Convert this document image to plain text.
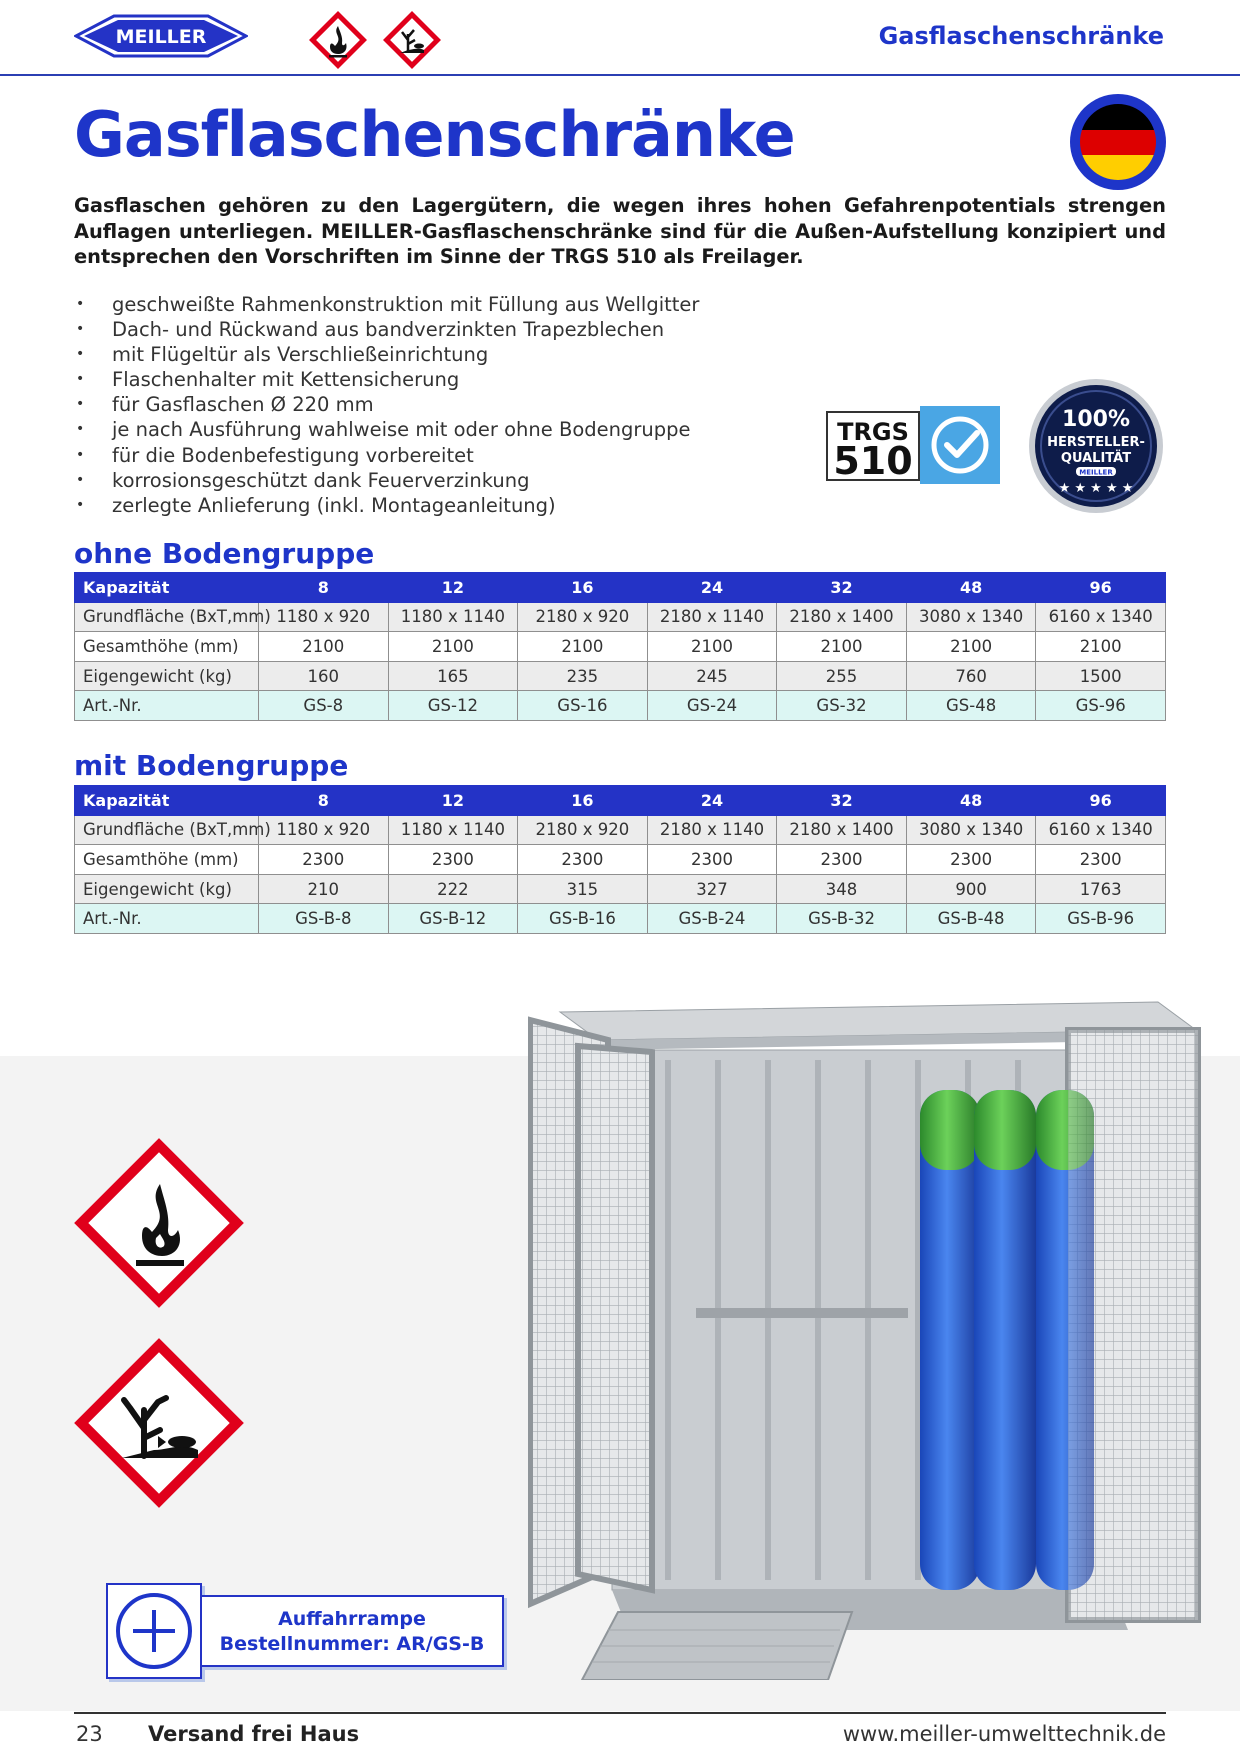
MEILLER	Gasflaschenschränke
Gasflaschenschränke

Gasflaschen gehören zu den Lagergütern, die wegen ihres hohen Gefahrenpotentials strengen Auflagen unterliegen. MEILLER-Gasflaschenschränke sind für die Außen-Aufstellung konzipiert und entsprechen den Vorschriften im Sinne der TRGS 510 als Freilager.

• geschweißte Rahmenkonstruktion mit Füllung aus Wellgitter
• Dach- und Rückwand aus bandverzinkten Trapezblechen
• mit Flügeltür als Verschließeinrichtung
• Flaschenhalter mit Kettensicherung
• für Gasflaschen Ø 220 mm
• je nach Ausführung wahlweise mit oder ohne Bodengruppe
• für die Bodenbefestigung vorbereitet
• korrosionsgeschützt dank Feuerverzinkung
• zerlegte Anlieferung (inkl. Montageanleitung)
TRGS
510
100%
HERSTELLER-
QUALITÄT
MEILLER
★ ★ ★ ★ ★
ohne Bodengruppe
Kapazität	8	12	16	24	32	48	96
Grundfläche (BxT,mm)	1180 x 920	1180 x 1140	2180 x 920	2180 x 1140	2180 x 1400	3080 x 1340	6160 x 1340
Gesamthöhe (mm)	2100	2100	2100	2100	2100	2100	2100
Eigengewicht (kg)	160	165	235	245	255	760	1500
Art.-Nr.	GS-8	GS-12	GS-16	GS-24	GS-32	GS-48	GS-96
mit Bodengruppe
Kapazität	8	12	16	24	32	48	96
Grundfläche (BxT,mm)	1180 x 920	1180 x 1140	2180 x 920	2180 x 1140	2180 x 1400	3080 x 1340	6160 x 1340
Gesamthöhe (mm)	2300	2300	2300	2300	2300	2300	2300
Eigengewicht (kg)	210	222	315	327	348	900	1763
Art.-Nr.	GS-B-8	GS-B-12	GS-B-16	GS-B-24	GS-B-32	GS-B-48	GS-B-96
Auffahrrampe
Bestellnummer: AR/GS-B
23 Versand frei Haus	www.meiller-umwelttechnik.de
